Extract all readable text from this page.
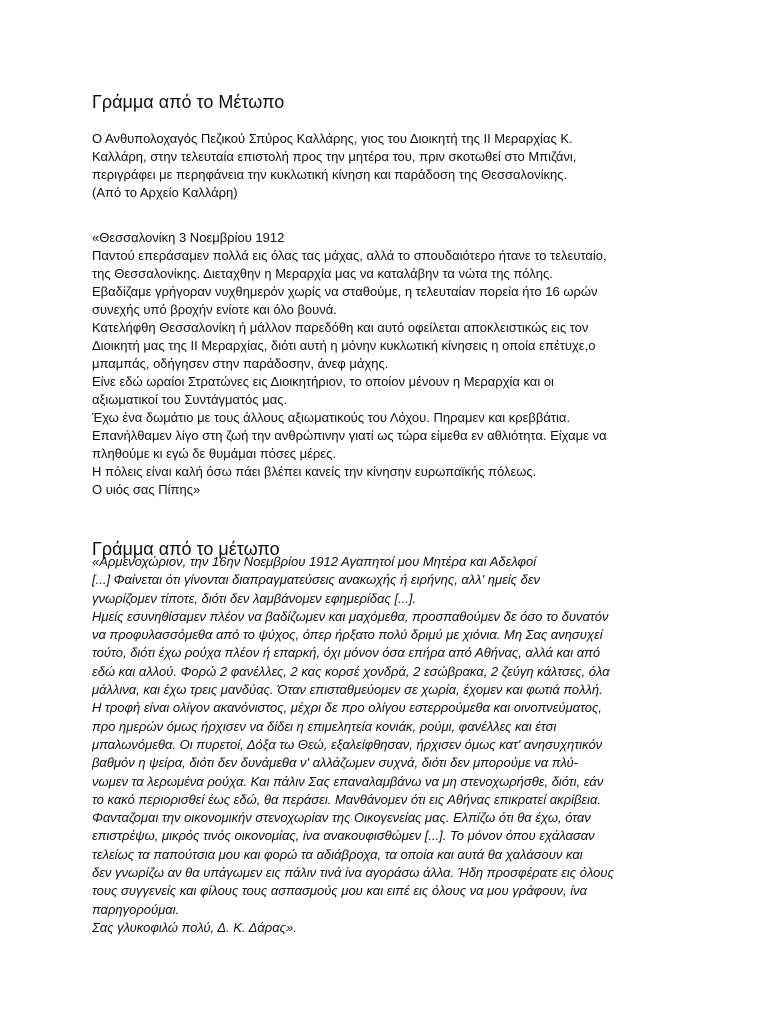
Γράμμα από το Μέτωπο
Ο Ανθυπολοχαγός Πεζικού Σπύρος Καλλάρης, γιος του Διοικητή της ΙΙ Μεραρχίας Κ.
Καλλάρη, στην τελευταία επιστολή προς την μητέρα του, πριν σκοτωθεί στο Μπιζάνι,
περιγράφει με περηφάνεια την κυκλωτική κίνηση και παράδοση της Θεσσαλονίκης.
(Από το Αρχείο Καλλάρη)
«Θεσσαλονίκη 3 Νοεμβρίου 1912
Παντού επεράσαμεν πολλά εις όλας τας μάχας, αλλά το σπουδαιότερο ήτανε το τελευταίο,
της Θεσσαλονίκης. Διεταχθην η Μεραρχία μας να καταλάβην τα νώτα της πόλης.
Εβαδίζαμε γρήγοραν νυχθημερόν χωρίς να σταθούμε, η τελευταίαν πορεία ήτο 16 ωρών
συνεχής υπό βροχήν ενίοτε και όλο βουνά.
Κατελήφθη Θεσσαλονίκη ή μάλλον παρεδόθη και αυτό οφείλεται αποκλειστικώς εις τον
Διοικητή μας της ΙΙ Μεραρχίας, διότι αυτή η μόνην κυκλωτική κίνησεις η οποία επέτυχε,ο
μπαμπάς, οδήγησεν στην παράδοσην, άνεφ μάχης.
Είνε εδώ ωραίοι Στρατώνες εις Διοικητήριον, το οποίον μένουν η Μεραρχία και οι
αξιωματικοί του Συντάγματός μας.
Έχω ένα δωμάτιο με τους άλλους αξιωματικούς του Λόχου. Πηραμεν και κρεββάτια.
Επανήλθαμεν λίγο στη ζωή την ανθρώπινην γιατί ως τώρα είμεθα εν αθλιότητα. Είχαμε να
πληθούμε κι εγώ δε θυμάμαι πόσες μέρες.
Η πόλεις είναι καλή όσω πάει βλέπει κανείς την κίνησην ευρωπαϊκής πόλεως.
Ο υιός σας Πίπης»
Γράμμα από το μέτωπο
«Αρμενοχώριον, την 16ην Νοεμβρίου 1912 Αγαπητοί μου Μητέρα και Αδελφοί
[...] Φαίνεται ότι γίνονται διαπραγματεύσεις ανακωχής ή ειρήνης, αλλ' ημείς δεν
γνωρίζομεν τίποτε, διότι δεν λαμβάνομεν εφημερίδας [...].
Ημείς εσυνηθίσαμεν πλέον να βαδίζωμεν και μαχόμεθα, προσπαθούμεν δε όσο το δυνατόν
να προφυλασσόμεθα από το ψύχος, όπερ ήρξατο πολύ δριμύ με χιόνια. Μη Σας ανησυχεί
τούτο, διότι έχω ρούχα πλέον ή επαρκή, όχι μόνον όσα επήρα από Αθήνας, αλλά και από
εδώ και αλλού. Φορώ 2 φανέλλες, 2 κας κορσέ χονδρά, 2 εσώβρακα, 2 ζεύγη κάλτσες, όλα
μάλλινα, και έχω τρεις μανδύας. Όταν επισταθμεύομεν σε χωρία, έχομεν και φωτιά πολλή.
Η τροφή είναι ολίγον ακανόνιστος, μέχρι δε προ ολίγου εστερρούμεθα και οινοπνεύματος,
προ ημερών όμως ήρχισεν να δίδει η επιμελητεία κονιάκ, ρούμι, φανέλλες και έτσι
μπαλωνόμεθα. Οι πυρετοί, Δόξα τω Θεώ, εξαλείφθησαν, ήρχισεν όμως κατ' ανησυχητικόν
βαθμόν η ψείρα, διότι δεν δυνάμεθα ν' αλλάζωμεν συχνά, διότι δεν μπορούμε να πλύ-
νωμεν τα λερωμένα ρούχα. Και πάλιν Σας επαναλαμβάνω να μη στενοχωρήσθε, διότι, εάν
το κακό περιορισθεί έως εδώ, θα περάσει. Μανθάνομεν ότι εις Αθήνας επικρατεί ακρίβεια.
Φανταζομαι την οικονομικήν στενοχωρίαν της Οικογενείας μας. Ελπίζω ότι θα έχω, όταν
επιστρέψω, μικρός τινός οικονομίας, ίνα ανακουφισθώμεν [...]. Το μόνον όπου εχάλασαν
τελείως τα παπούτσια μου και φορώ τα αδιάβροχα, τα οποία και αυτά θα χαλάσουν και
δεν γνωρίζω αν θα υπάγωμεν εις πάλιν τινά ίνα αγοράσω άλλα. Ήδη προσφέρατε εις όλους
τους συγγενείς και φίλους τους ασπασμούς μου και ειπέ εις όλους να μου γράφουν, ίνα
παρηγορούμαι.
Σας γλυκοφιλώ πολύ, Δ. Κ. Δάρας».
